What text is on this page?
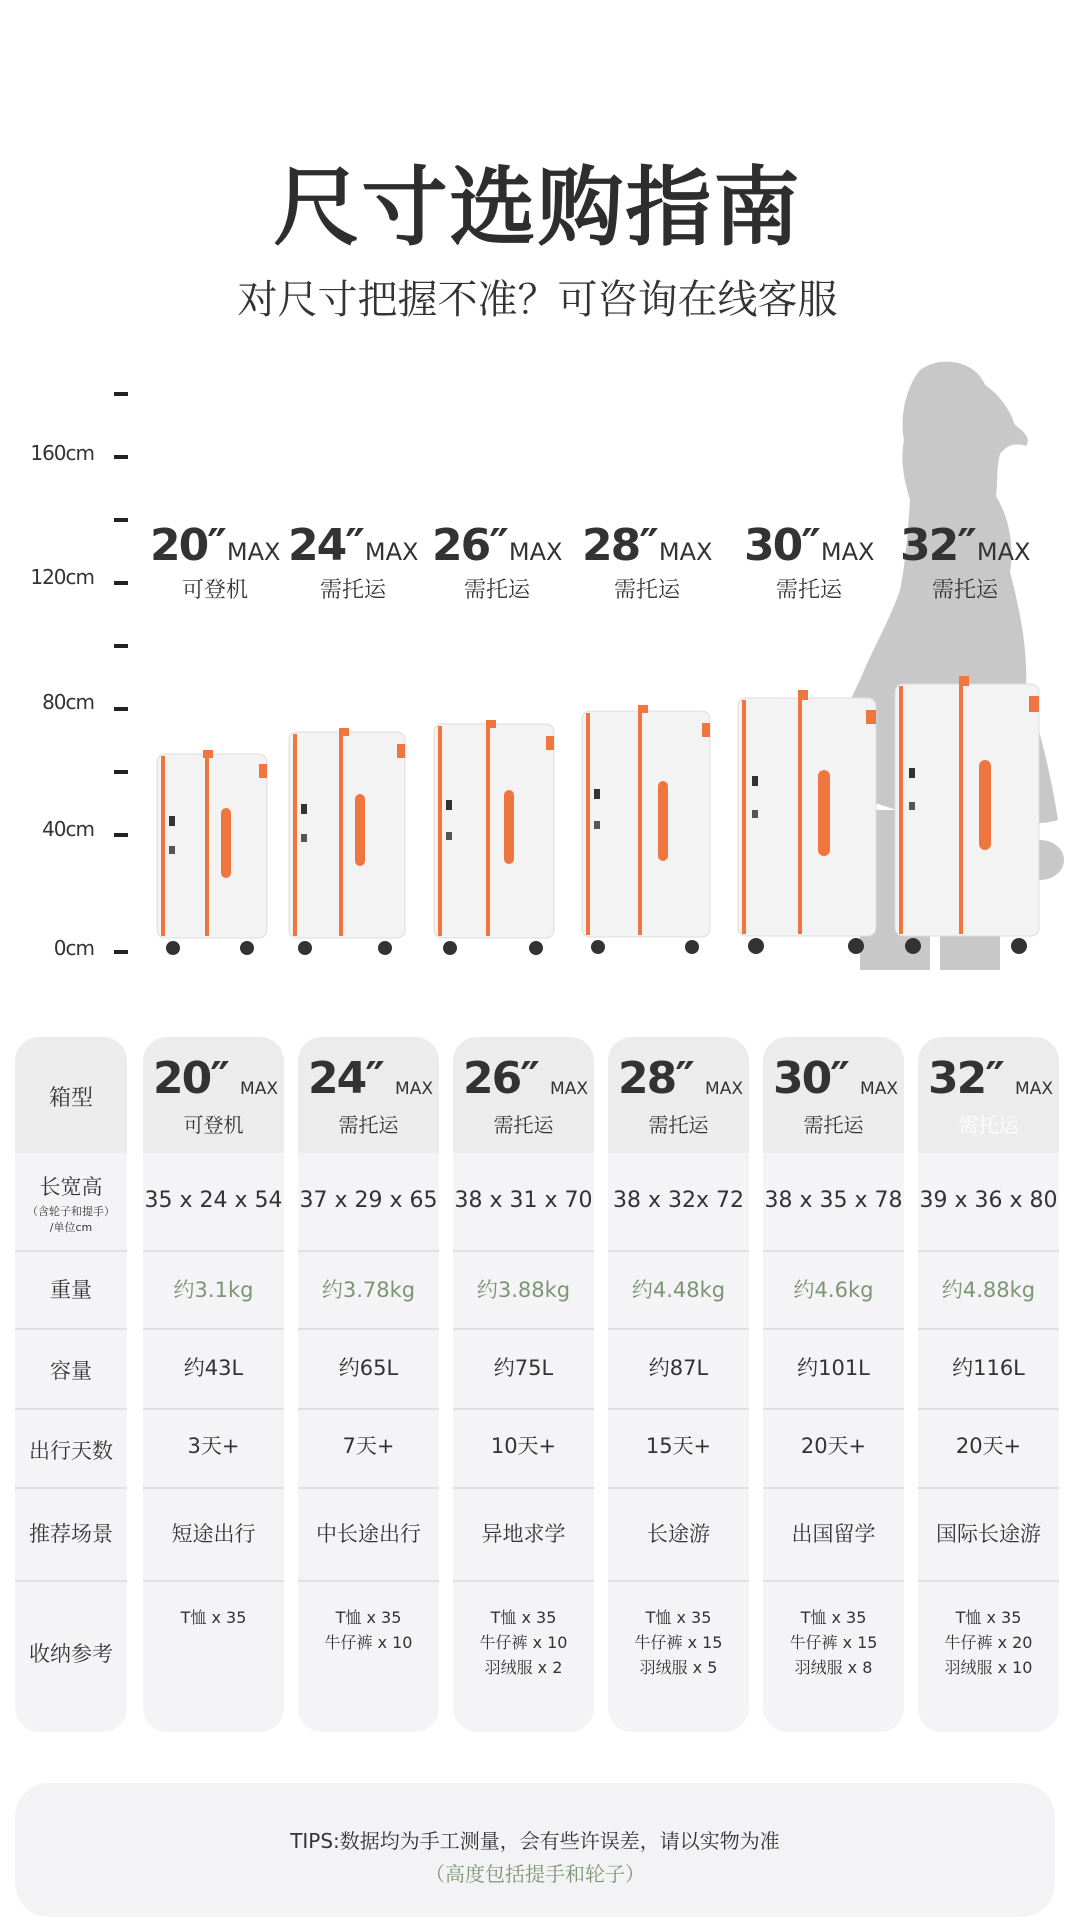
尺寸选购指南
对尺寸把握不准？可咨询在线客服
160cm
120cm
80cm
40cm
0cm
20″MAX
可登机
24″MAX
需托运
26″MAX
需托运
28″MAX
需托运
30″MAX
需托运
32″MAX
需托运
箱型
长宽高
（含轮子和提手）
/单位cm
重量
容量
出行天数
推荐场景
收纳参考
20″ MAX
可登机
35 x 24 x 54
约3.1kg
约43L
3天+
短途出行
T恤 x 35
24″ MAX
需托运
37 x 29 x 65
约3.78kg
约65L
7天+
中长途出行
T恤 x 35
牛仔裤 x 10
26″ MAX
需托运
38 x 31 x 70
约3.88kg
约75L
10天+
异地求学
T恤 x 35
牛仔裤 x 10
羽绒服 x 2
28″ MAX
需托运
38 x 32x 72
约4.48kg
约87L
15天+
长途游
T恤 x 35
牛仔裤 x 15
羽绒服 x 5
30″ MAX
需托运
38 x 35 x 78
约4.6kg
约101L
20天+
出国留学
T恤 x 35
牛仔裤 x 15
羽绒服 x 8
32″ MAX
需托运
39 x 36 x 80
约4.88kg
约116L
20天+
国际长途游
T恤 x 35
牛仔裤 x 20
羽绒服 x 10
TIPS:数据均为手工测量，会有些许误差，请以实物为准
（高度包括提手和轮子）
